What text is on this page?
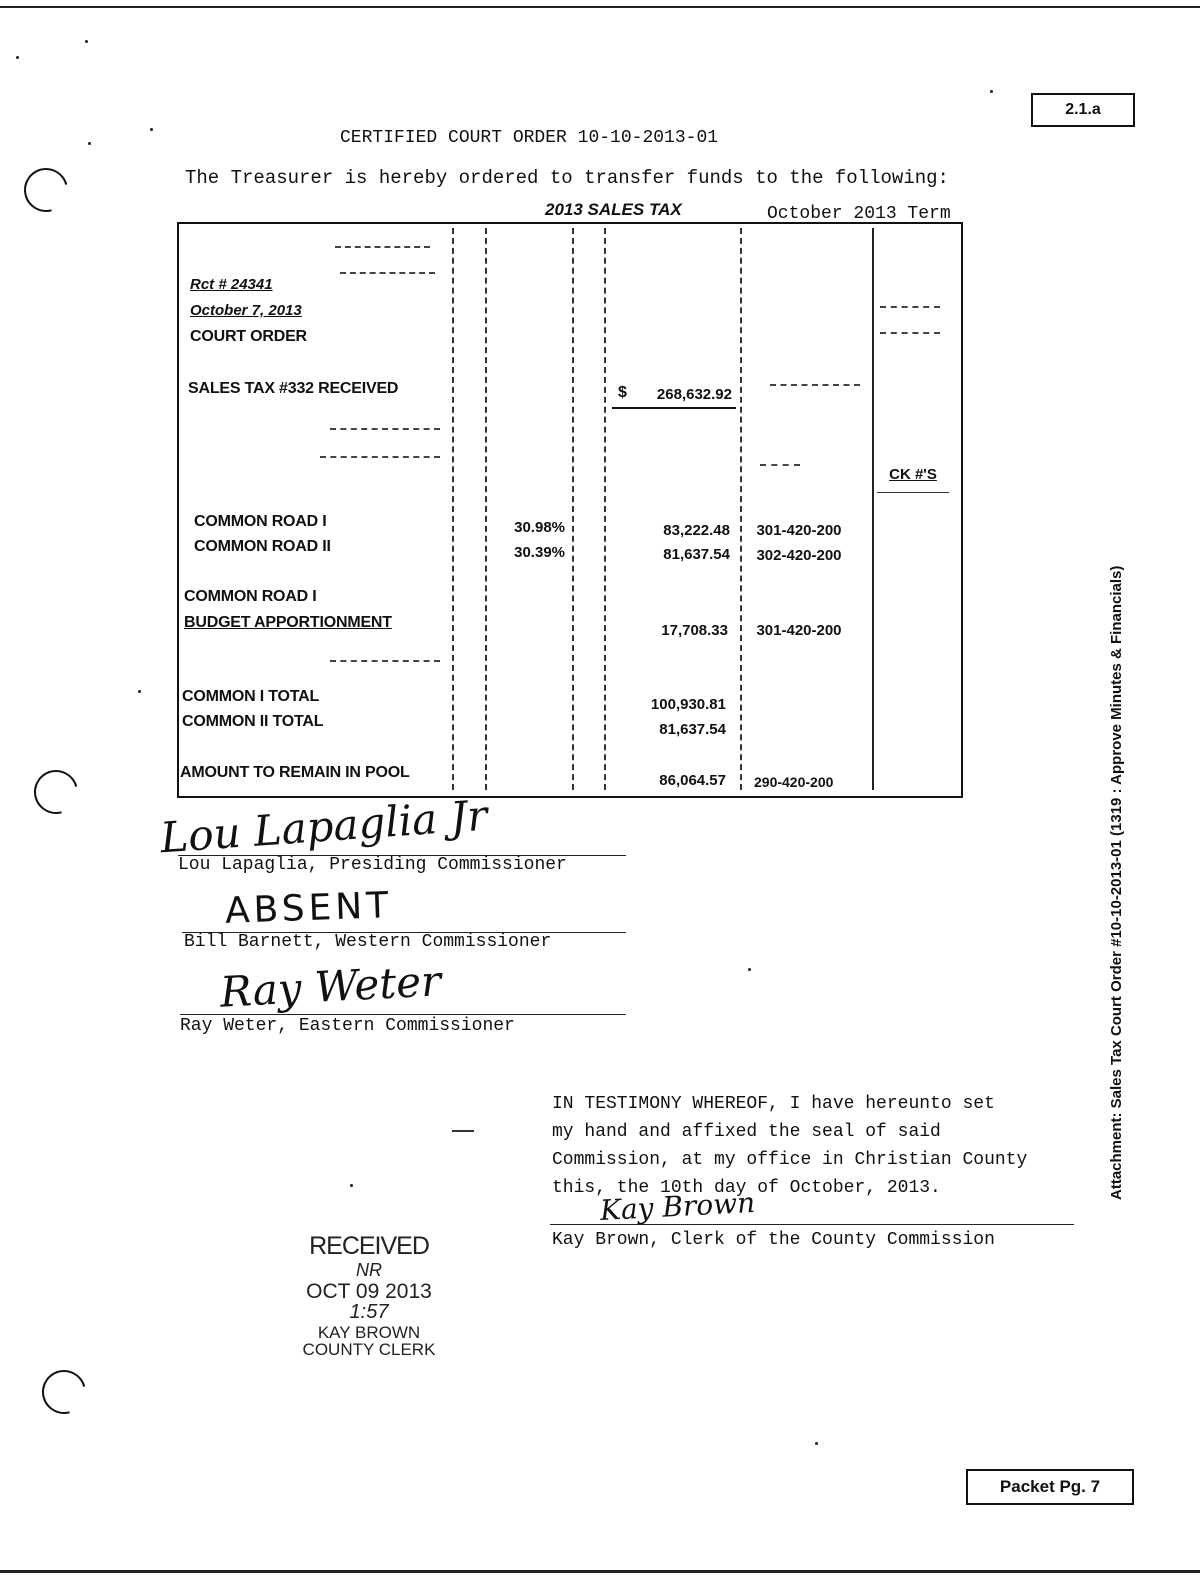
2.1.a
CERTIFIED COURT ORDER 10-10-2013-01
The Treasurer is hereby ordered to transfer funds to the following:
2013 SALES TAX	October 2013 Term
Rct # 24341
October 7, 2013
COURT ORDER
SALES TAX #332 RECEIVED	$	268,632.92
CK #'S
COMMON ROAD I	30.98%	83,222.48	301-420-200
COMMON ROAD II	30.39%	81,637.54	302-420-200
COMMON ROAD I
BUDGET APPORTIONMENT	17,708.33	301-420-200
COMMON I TOTAL	100,930.81
COMMON II TOTAL	81,637.54
AMOUNT TO REMAIN IN POOL	86,064.57 290-420-200
Lou Lapaglia Jr
Lou Lapaglia, Presiding Commissioner
ABSENT
Bill Barnett, Western Commissioner
Ray Weter
Ray Weter, Eastern Commissioner
IN TESTIMONY WHEREOF, I have hereunto set
my hand and affixed the seal of said
Commission, at my office in Christian County
this, the 10th day of October, 2013.
Kay Brown
Kay Brown, Clerk of the County Commission
RECEIVED
NR
OCT 09 2013
1:57
KAY BROWN
COUNTY CLERK
Attachment: Sales Tax Court Order #10-10-2013-01 (1319 : Approve Minutes & Financials)
Packet Pg. 7
